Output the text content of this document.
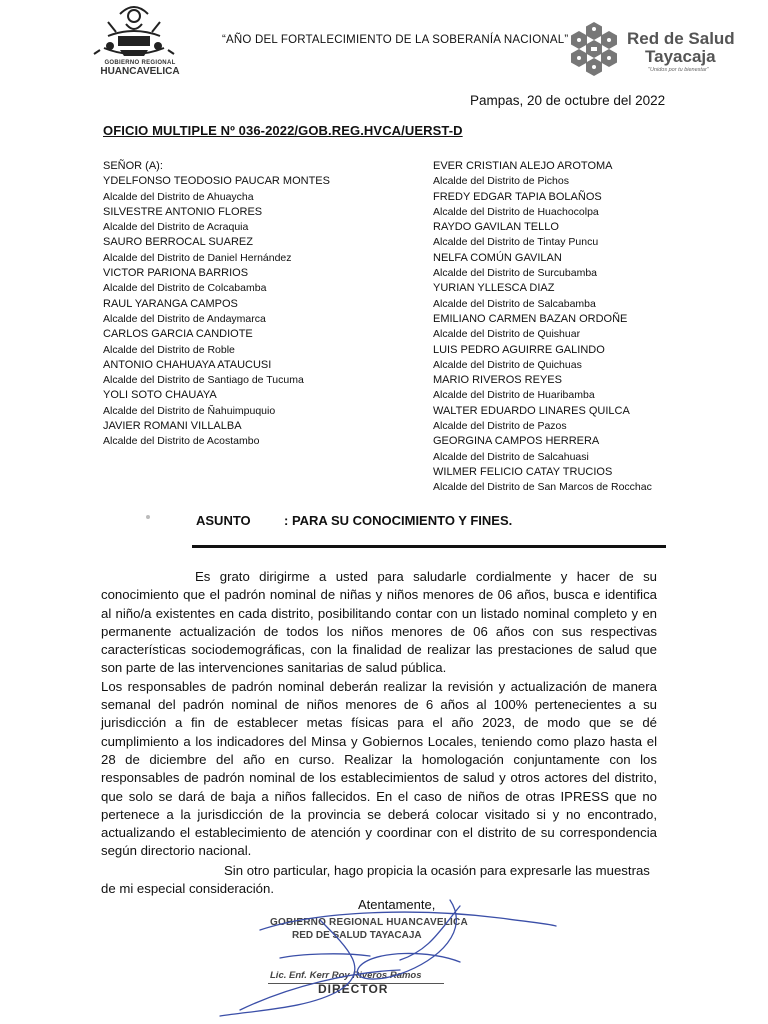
GOBIERNO REGIONAL
HUANCAVELICA
“AÑO DEL FORTALECIMIENTO DE LA SOBERANÍA NACIONAL”	Red de Salud
Tayacaja
"Unidos por tu bienestar"
Pampas, 20 de octubre del 2022
OFICIO MULTIPLE Nº 036-2022/GOB.REG.HVCA/UERST-D
SEÑOR (A):
YDELFONSO TEODOSIO PAUCAR MONTES
Alcalde del Distrito de Ahuaycha
SILVESTRE ANTONIO FLORES
Alcalde del Distrito de Acraquia
SAURO BERROCAL SUAREZ
Alcalde del Distrito de Daniel Hernández
VICTOR PARIONA BARRIOS
Alcalde del Distrito de Colcabamba
RAUL YARANGA CAMPOS
Alcalde del Distrito de Andaymarca
CARLOS GARCIA CANDIOTE
Alcalde del Distrito de Roble
ANTONIO CHAHUAYA ATAUCUSI
Alcalde del Distrito de Santiago de Tucuma
YOLI SOTO CHAUAYA
Alcalde del Distrito de Ñahuimpuquio
JAVIER ROMANI VILLALBA
Alcalde del Distrito de Acostambo
EVER CRISTIAN ALEJO AROTOMA
Alcalde del Distrito de Pichos
FREDY EDGAR TAPIA BOLAÑOS
Alcalde del Distrito de Huachocolpa
RAYDO GAVILAN TELLO
Alcalde del Distrito de Tintay Puncu
NELFA COMÚN GAVILAN
Alcalde del Distrito de Surcubamba
YURIAN YLLESCA DIAZ
Alcalde del Distrito de Salcabamba
EMILIANO CARMEN BAZAN ORDOÑE
Alcalde del Distrito de Quishuar
LUIS PEDRO AGUIRRE GALINDO
Alcalde del Distrito de Quichuas
MARIO RIVEROS REYES
Alcalde del Distrito de Huaribamba
WALTER EDUARDO LINARES QUILCA
Alcalde del Distrito de Pazos
GEORGINA CAMPOS HERRERA
Alcalde del Distrito de Salcahuasi
WILMER FELICIO CATAY TRUCIOS
Alcalde del Distrito de San Marcos de Rocchac
ASUNTO	: PARA SU CONOCIMIENTO Y FINES.

Es grato dirigirme a usted para saludarle cordialmente y hacer de su conocimiento que el padrón nominal de niñas y niños menores de 06 años, busca e identifica al niño/a existentes en cada distrito, posibilitando contar con un listado nominal completo y en permanente actualización de todos los niños menores de 06 años con sus respectivas características sociodemográficas, con la finalidad de realizar las prestaciones de salud que son parte de las intervenciones sanitarias de salud pública.

Los responsables de padrón nominal deberán realizar la revisión y actualización de manera semanal del padrón nominal de niños menores de 6 años al 100% pertenecientes a su jurisdicción a fin de establecer metas físicas para el año 2023, de modo que se dé cumplimiento a los indicadores del Minsa y Gobiernos Locales, teniendo como plazo hasta el 28 de diciembre del año en curso. Realizar la homologación conjuntamente con los responsables de padrón nominal de los establecimientos de salud y otros actores del distrito, que solo se dará de baja a niños fallecidos. En el caso de niños de otras IPRESS que no pertenece a la jurisdicción de la provincia se deberá colocar visitado si y no encontrado, actualizando el establecimiento de atención y coordinar con el distrito de su correspondencia según directorio nacional.

Sin otro particular, hago propicia la ocasión para expresarle las muestras de mi especial consideración.

Atentamente,
GOBIERNO REGIONAL HUANCAVELICA
RED DE SALUD TAYACAJA
Lic. Enf. Kerr Roy Riveros Ramos
DIRECTOR
